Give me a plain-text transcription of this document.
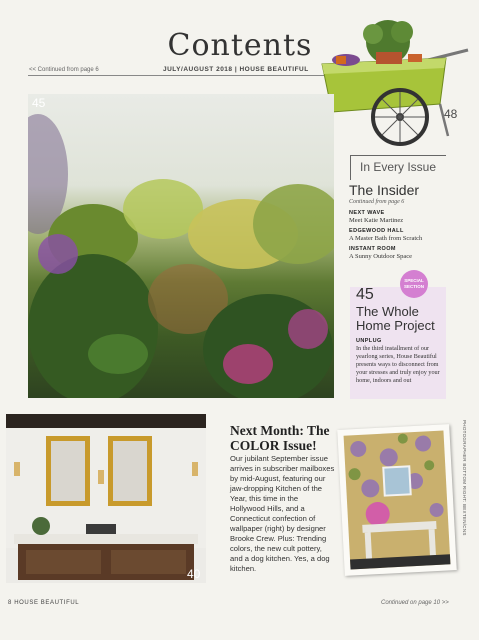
Contents
<< Continued from page 6	JULY/AUGUST 2018 | HOUSE BEAUTIFUL
48
45
In Every Issue
The Insider
Continued from page 6
NEXT WAVE
Meet Katie Martinez
EDGEWOOD HALL
A Master Bath from Scratch
INSTANT ROOM
A Sunny Outdoor Space
SPECIAL
SECTION
45
The Whole Home Project
UNPLUG
In the third installment of our yearlong series, House Beautiful presents ways to disconnect from your stresses and truly enjoy your home, indoors and out
40
Next Month: The COLOR Issue!
Our jubilant September issue arrives in subscriber mailboxes by mid-August, featuring our jaw-dropping Kitchen of the Year, this time in the Hollywood Hills, and a Connecticut confection of wallpaper (right) by designer Brooke Crew. Plus: Trending colors, the new cult pottery, and a dog kitchen. Yes, a dog kitchen.
PHOTOGRAPHER BOTTOM RIGHT: BEXTEN/CNS
8 HOUSE BEAUTIFUL	Continued on page 10 >>
